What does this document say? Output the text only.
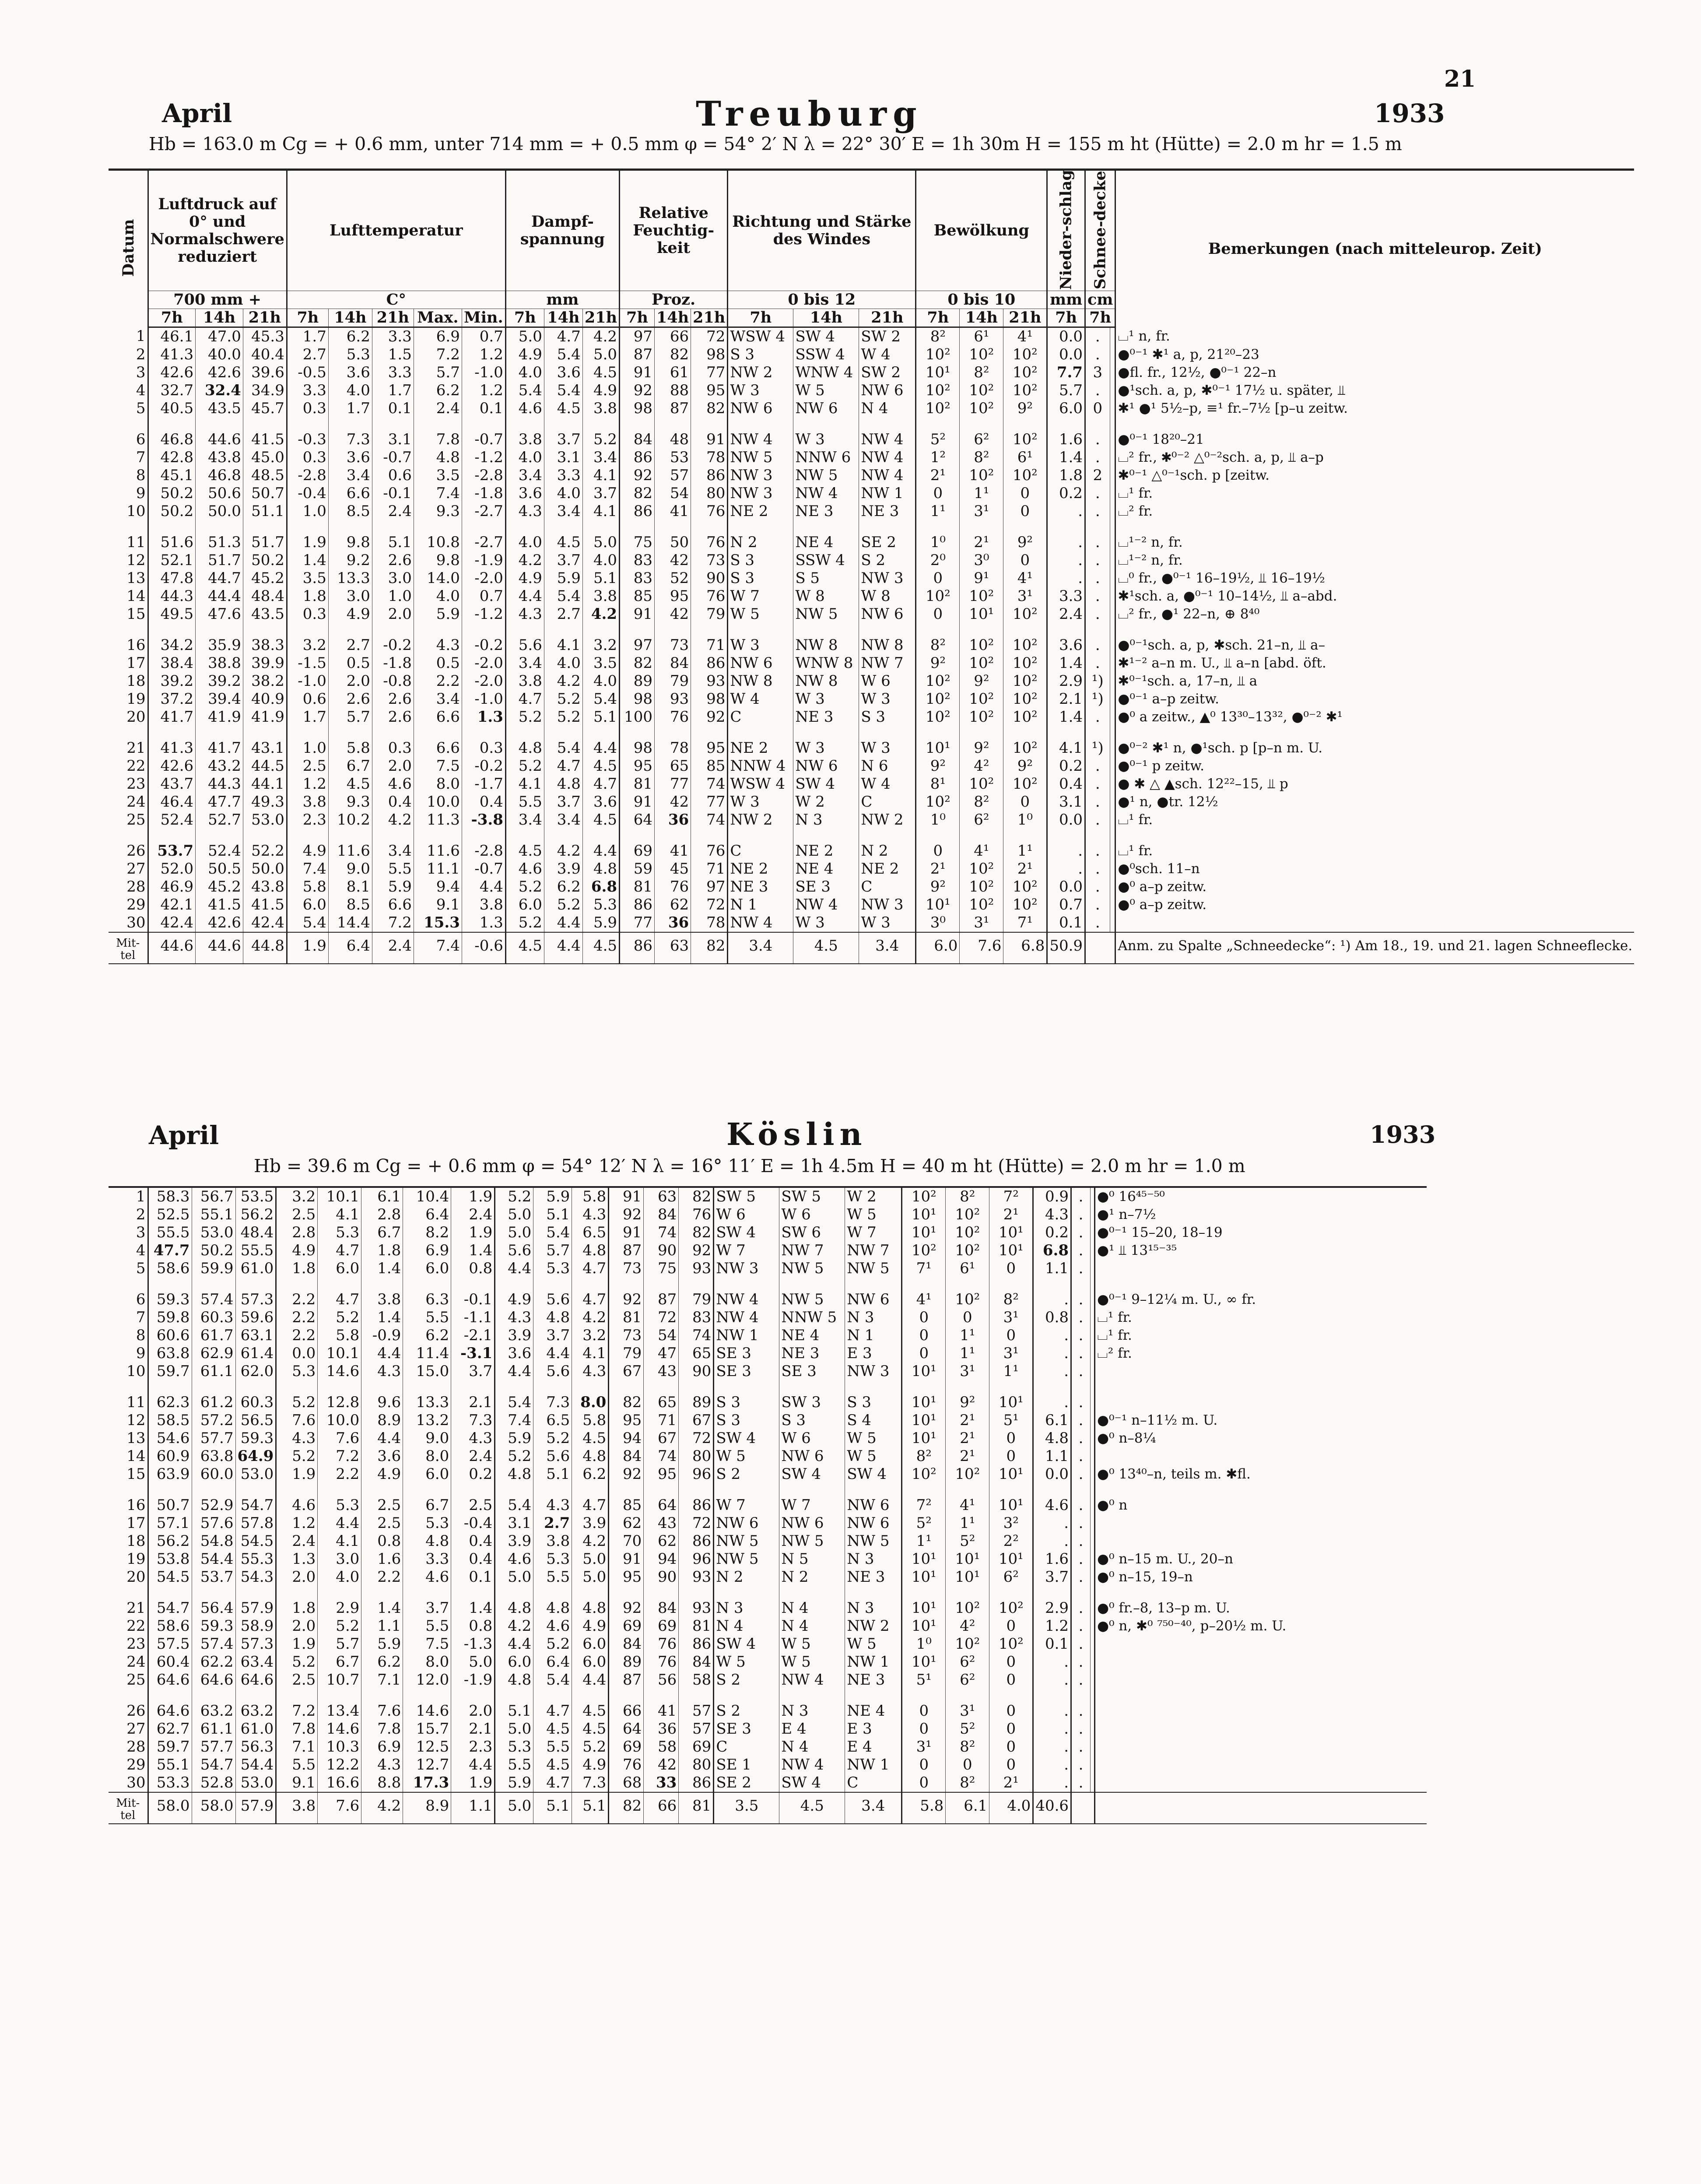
21
April	Treuburg	1933
Hb = 163.0 m Cg = + 0.6 mm, unter 714 mm = + 0.5 mm φ = 54° 2′ N λ = 22° 30′ E = 1h 30m H = 155 m ht (Hütte) = 2.0 m hr = 1.5 m
Datum	Luftdruck auf 0° und Normalschwere reduziert			Lufttemperatur					Dampf-spannung			Relative Feuchtig-keit			Richtung und Stärke des Windes			Bewölkung			Nieder-schlag	Schnee-decke		Bemerkungen (nach mitteleurop. Zeit)
	700 mm +			C°					mm			Proz.			0 bis 12			0 bis 10			mm	cm		
	7h	14h	21h	7h	14h	21h	Max.	Min.	7h	14h	21h	7h	14h	21h	7h	14h	21h	7h	14h	21h	7h	7h		
1	46.1	47.0	45.3	1.7	6.2	3.3	6.9	0.7	5.0	4.7	4.2	97	66	72	WSW 4	SW 4	SW 2	8²	6¹	4¹	0.0	.		⌴¹ n, fr.
2	41.3	40.0	40.4	2.7	5.3	1.5	7.2	1.2	4.9	5.4	5.0	87	82	98	S 3	SSW 4	W 4	10²	10²	10²	0.0	.		●⁰⁻¹ ✱¹ a, p, 21²⁰–23
3	42.6	42.6	39.6	-0.5	3.6	3.3	5.7	-1.0	4.0	3.6	4.5	91	61	77	NW 2	WNW 4	SW 2	10¹	8²	10²	7.7	3		●fl. fr., 12½, ●⁰⁻¹ 22–n
4	32.7	32.4	34.9	3.3	4.0	1.7	6.2	1.2	5.4	5.4	4.9	92	88	95	W 3	W 5	NW 6	10²	10²	10²	5.7	.		●¹sch. a, p, ✱⁰⁻¹ 17½ u. später, ⫫
5	40.5	43.5	45.7	0.3	1.7	0.1	2.4	0.1	4.6	4.5	3.8	98	87	82	NW 6	NW 6	N 4	10²	10²	9²	6.0	0		✱¹ ●¹ 5½–p, ≡¹ fr.–7½ [p–u zeitw.
6	46.8	44.6	41.5	-0.3	7.3	3.1	7.8	-0.7	3.8	3.7	5.2	84	48	91	NW 4	W 3	NW 4	5²	6²	10²	1.6	.		●⁰⁻¹ 18²⁰–21
7	42.8	43.8	45.0	0.3	3.6	-0.7	4.8	-1.2	4.0	3.1	3.4	86	53	78	NW 5	NNW 6	NW 4	1²	8²	6¹	1.4	.		⌴² fr., ✱⁰⁻² △⁰⁻²sch. a, p, ⫫ a–p
8	45.1	46.8	48.5	-2.8	3.4	0.6	3.5	-2.8	3.4	3.3	4.1	92	57	86	NW 3	NW 5	NW 4	2¹	10²	10²	1.8	2		✱⁰⁻¹ △⁰⁻¹sch. p [zeitw.
9	50.2	50.6	50.7	-0.4	6.6	-0.1	7.4	-1.8	3.6	4.0	3.7	82	54	80	NW 3	NW 4	NW 1	0	1¹	0	0.2	.		⌴¹ fr.
10	50.2	50.0	51.1	1.0	8.5	2.4	9.3	-2.7	4.3	3.4	4.1	86	41	76	NE 2	NE 3	NE 3	1¹	3¹	0	.	.		⌴² fr.
11	51.6	51.3	51.7	1.9	9.8	5.1	10.8	-2.7	4.0	4.5	5.0	75	50	76	N 2	NE 4	SE 2	1⁰	2¹	9²	.	.		⌴¹⁻² n, fr.
12	52.1	51.7	50.2	1.4	9.2	2.6	9.8	-1.9	4.2	3.7	4.0	83	42	73	S 3	SSW 4	S 2	2⁰	3⁰	0	.	.		⌴¹⁻² n, fr.
13	47.8	44.7	45.2	3.5	13.3	3.0	14.0	-2.0	4.9	5.9	5.1	83	52	90	S 3	S 5	NW 3	0	9¹	4¹	.	.		⌴⁰ fr., ●⁰⁻¹ 16–19½, ⫫ 16–19½
14	44.3	44.4	48.4	1.8	3.0	1.0	4.0	0.7	4.4	5.4	3.8	85	95	76	W 7	W 8	W 8	10²	10²	3¹	3.3	.		✱¹sch. a, ●⁰⁻¹ 10–14½, ⫫ a–abd.
15	49.5	47.6	43.5	0.3	4.9	2.0	5.9	-1.2	4.3	2.7	4.2	91	42	79	W 5	NW 5	NW 6	0	10¹	10²	2.4	.		⌴² fr., ●¹ 22–n, ⊕ 8⁴⁰
16	34.2	35.9	38.3	3.2	2.7	-0.2	4.3	-0.2	5.6	4.1	3.2	97	73	71	W 3	NW 8	NW 8	8²	10²	10²	3.6	.		●⁰⁻¹sch. a, p, ✱sch. 21–n, ⫫ a–
17	38.4	38.8	39.9	-1.5	0.5	-1.8	0.5	-2.0	3.4	4.0	3.5	82	84	86	NW 6	WNW 8	NW 7	9²	10²	10²	1.4	.		✱¹⁻² a–n m. U., ⫫ a–n [abd. öft.
18	39.2	39.2	38.2	-1.0	2.0	-0.8	2.2	-2.0	3.8	4.2	4.0	89	79	93	NW 8	NW 8	W 6	10²	9²	10²	2.9	¹)		✱⁰⁻¹sch. a, 17–n, ⫫ a
19	37.2	39.4	40.9	0.6	2.6	2.6	3.4	-1.0	4.7	5.2	5.4	98	93	98	W 4	W 3	W 3	10²	10²	10²	2.1	¹)		●⁰⁻¹ a–p zeitw.
20	41.7	41.9	41.9	1.7	5.7	2.6	6.6	1.3	5.2	5.2	5.1	100	76	92	C	NE 3	S 3	10²	10²	10²	1.4	.		●⁰ a zeitw., ▲⁰ 13³⁰–13³², ●⁰⁻² ✱¹
21	41.3	41.7	43.1	1.0	5.8	0.3	6.6	0.3	4.8	5.4	4.4	98	78	95	NE 2	W 3	W 3	10¹	9²	10²	4.1	¹)		●⁰⁻² ✱¹ n, ●¹sch. p [p–n m. U.
22	42.6	43.2	44.5	2.5	6.7	2.0	7.5	-0.2	5.2	4.7	4.5	95	65	85	NNW 4	NW 6	N 6	9²	4²	9²	0.2	.		●⁰⁻¹ p zeitw.
23	43.7	44.3	44.1	1.2	4.5	4.6	8.0	-1.7	4.1	4.8	4.7	81	77	74	WSW 4	SW 4	W 4	8¹	10²	10²	0.4	.		● ✱ △ ▲sch. 12²²–15, ⫫ p
24	46.4	47.7	49.3	3.8	9.3	0.4	10.0	0.4	5.5	3.7	3.6	91	42	77	W 3	W 2	C	10²	8²	0	3.1	.		●¹ n, ●tr. 12½
25	52.4	52.7	53.0	2.3	10.2	4.2	11.3	-3.8	3.4	3.4	4.5	64	36	74	NW 2	N 3	NW 2	1⁰	6²	1⁰	0.0	.		⌴¹ fr.
26	53.7	52.4	52.2	4.9	11.6	3.4	11.6	-2.8	4.5	4.2	4.4	69	41	76	C	NE 2	N 2	0	4¹	1¹	.	.		⌴¹ fr.
27	52.0	50.5	50.0	7.4	9.0	5.5	11.1	-0.7	4.6	3.9	4.8	59	45	71	NE 2	NE 4	NE 2	2¹	10²	2¹	.	.		●⁰sch. 11–n
28	46.9	45.2	43.8	5.8	8.1	5.9	9.4	4.4	5.2	6.2	6.8	81	76	97	NE 3	SE 3	C	9²	10²	10²	0.0	.		●⁰ a–p zeitw.
29	42.1	41.5	41.5	6.0	8.5	6.6	9.1	3.8	6.0	5.2	5.3	86	62	72	N 1	NW 4	NW 3	10¹	10²	10²	0.7	.		●⁰ a–p zeitw.
30	42.4	42.6	42.4	5.4	14.4	7.2	15.3	1.3	5.2	4.4	5.9	77	36	78	NW 4	W 3	W 3	3⁰	3¹	7¹	0.1	.		
Mit-tel	44.6	44.6	44.8	1.9	6.4	2.4	7.4	-0.6	4.5	4.4	4.5	86	63	82	3.4	4.5	3.4	6.0	7.6	6.8	50.9			Anm. zu Spalte „Schneedecke“: ¹) Am 18., 19. und 21. lagen Schneeflecke.
April	Köslin	1933
Hb = 39.6 m Cg = + 0.6 mm φ = 54° 12′ N λ = 16° 11′ E = 1h 4.5m H = 40 m ht (Hütte) = 2.0 m hr = 1.0 m
1	58.3	56.7	53.5	3.2	10.1	6.1	10.4	1.9	5.2	5.9	5.8	91	63	82	SW 5	SW 5	W 2	10²	8²	7²	0.9	.		●⁰ 16⁴⁵⁻⁵⁰
2	52.5	55.1	56.2	2.5	4.1	2.8	6.4	2.4	5.0	5.1	4.3	92	84	76	W 6	W 6	W 5	10¹	10²	2¹	4.3	.		●¹ n–7½
3	55.5	53.0	48.4	2.8	5.3	6.7	8.2	1.9	5.0	5.4	6.5	91	74	82	SW 4	SW 6	W 7	10¹	10²	10¹	0.2	.		●⁰⁻¹ 15–20, 18–19
4	47.7	50.2	55.5	4.9	4.7	1.8	6.9	1.4	5.6	5.7	4.8	87	90	92	W 7	NW 7	NW 7	10²	10²	10¹	6.8	.		●¹ ⫫ 13¹⁵⁻³⁵
5	58.6	59.9	61.0	1.8	6.0	1.4	6.0	0.8	4.4	5.3	4.7	73	75	93	NW 3	NW 5	NW 5	7¹	6¹	0	1.1	.		
6	59.3	57.4	57.3	2.2	4.7	3.8	6.3	-0.1	4.9	5.6	4.7	92	87	79	NW 4	NW 5	NW 6	4¹	10²	8²	.	.		●⁰⁻¹ 9–12¼ m. U., ∞ fr.
7	59.8	60.3	59.6	2.2	5.2	1.4	5.5	-1.1	4.3	4.8	4.2	81	72	83	NW 4	NNW 5	N 3	0	0	3¹	0.8	.		⌴¹ fr.
8	60.6	61.7	63.1	2.2	5.8	-0.9	6.2	-2.1	3.9	3.7	3.2	73	54	74	NW 1	NE 4	N 1	0	1¹	0	.	.		⌴¹ fr.
9	63.8	62.9	61.4	0.0	10.1	4.4	11.4	-3.1	3.6	4.4	4.1	79	47	65	SE 3	NE 3	E 3	0	1¹	3¹	.	.		⌴² fr.
10	59.7	61.1	62.0	5.3	14.6	4.3	15.0	3.7	4.4	5.6	4.3	67	43	90	SE 3	SE 3	NW 3	10¹	3¹	1¹	.	.		
11	62.3	61.2	60.3	5.2	12.8	9.6	13.3	2.1	5.4	7.3	8.0	82	65	89	S 3	SW 3	S 3	10¹	9²	10¹	.	.		
12	58.5	57.2	56.5	7.6	10.0	8.9	13.2	7.3	7.4	6.5	5.8	95	71	67	S 3	S 3	S 4	10¹	2¹	5¹	6.1	.		●⁰⁻¹ n–11½ m. U.
13	54.6	57.7	59.3	4.3	7.6	4.4	9.0	4.3	5.9	5.2	4.5	94	67	72	SW 4	W 6	W 5	10¹	2¹	0	4.8	.		●⁰ n–8¼
14	60.9	63.8	64.9	5.2	7.2	3.6	8.0	2.4	5.2	5.6	4.8	84	74	80	W 5	NW 6	W 5	8²	2¹	0	1.1	.		
15	63.9	60.0	53.0	1.9	2.2	4.9	6.0	0.2	4.8	5.1	6.2	92	95	96	S 2	SW 4	SW 4	10²	10²	10¹	0.0	.		●⁰ 13⁴⁰–n, teils m. ✱fl.
16	50.7	52.9	54.7	4.6	5.3	2.5	6.7	2.5	5.4	4.3	4.7	85	64	86	W 7	W 7	NW 6	7²	4¹	10¹	4.6	.		●⁰ n
17	57.1	57.6	57.8	1.2	4.4	2.5	5.3	-0.4	3.1	2.7	3.9	62	43	72	NW 6	NW 6	NW 6	5²	1¹	3²	.	.		
18	56.2	54.8	54.5	2.4	4.1	0.8	4.8	0.4	3.9	3.8	4.2	70	62	86	NW 5	NW 5	NW 5	1¹	5²	2²	.	.		
19	53.8	54.4	55.3	1.3	3.0	1.6	3.3	0.4	4.6	5.3	5.0	91	94	96	NW 5	N 5	N 3	10¹	10¹	10¹	1.6	.		●⁰ n–15 m. U., 20–n
20	54.5	53.7	54.3	2.0	4.0	2.2	4.6	0.1	5.0	5.5	5.0	95	90	93	N 2	N 2	NE 3	10¹	10¹	6²	3.7	.		●⁰ n–15, 19–n
21	54.7	56.4	57.9	1.8	2.9	1.4	3.7	1.4	4.8	4.8	4.8	92	84	93	N 3	N 4	N 3	10¹	10²	10²	2.9	.		●⁰ fr.–8, 13–p m. U.
22	58.6	59.3	58.9	2.0	5.2	1.1	5.5	0.8	4.2	4.6	4.9	69	69	81	N 4	N 4	NW 2	10¹	4²	0	1.2	.		●⁰ n, ✱⁰ ⁷⁵⁰⁻⁴⁰, p–20½ m. U.
23	57.5	57.4	57.3	1.9	5.7	5.9	7.5	-1.3	4.4	5.2	6.0	84	76	86	SW 4	W 5	W 5	1⁰	10²	10²	0.1	.		
24	60.4	62.2	63.4	5.2	6.7	6.2	8.0	5.0	6.0	6.4	6.0	89	76	84	W 5	W 5	NW 1	10¹	6²	0	.	.		
25	64.6	64.6	64.6	2.5	10.7	7.1	12.0	-1.9	4.8	5.4	4.4	87	56	58	S 2	NW 4	NE 3	5¹	6²	0	.	.		
26	64.6	63.2	63.2	7.2	13.4	7.6	14.6	2.0	5.1	4.7	4.5	66	41	57	S 2	N 3	NE 4	0	3¹	0	.	.		
27	62.7	61.1	61.0	7.8	14.6	7.8	15.7	2.1	5.0	4.5	4.5	64	36	57	SE 3	E 4	E 3	0	5²	0	.	.		
28	59.7	57.7	56.3	7.1	10.3	6.9	12.5	2.3	5.3	5.5	5.2	69	58	69	C	N 4	E 4	3¹	8²	0	.	.		
29	55.1	54.7	54.4	5.5	12.2	4.3	12.7	4.4	5.5	4.5	4.9	76	42	80	SE 1	NW 4	NW 1	0	0	0	.	.		
30	53.3	52.8	53.0	9.1	16.6	8.8	17.3	1.9	5.9	4.7	7.3	68	33	86	SE 2	SW 4	C	0	8²	2¹	.	.		
Mit-tel	58.0	58.0	57.9	3.8	7.6	4.2	8.9	1.1	5.0	5.1	5.1	82	66	81	3.5	4.5	3.4	5.8	6.1	4.0	40.6			
